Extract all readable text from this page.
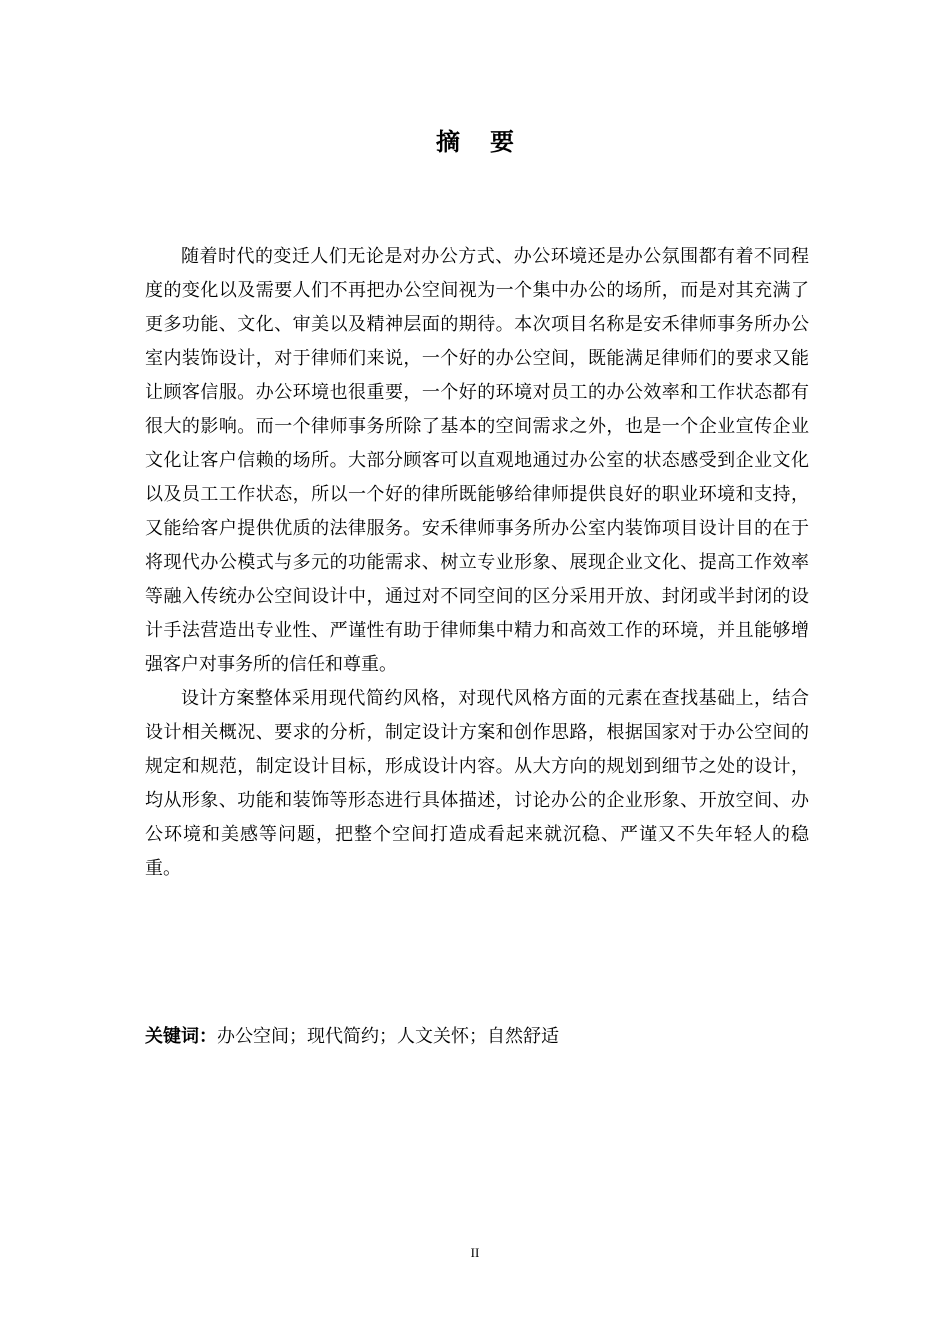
摘要

随着时代的变迁人们无论是对办公方式、办公环境还是办公氛围都有着不同程度的变化以及需要人们不再把办公空间视为一个集中办公的场所，而是对其充满了更多功能、文化、审美以及精神层面的期待。本次项目名称是安禾律师事务所办公室内装饰设计，对于律师们来说，一个好的办公空间，既能满足律师们的要求又能让顾客信服。办公环境也很重要，一个好的环境对员工的办公效率和工作状态都有很大的影响。而一个律师事务所除了基本的空间需求之外，也是一个企业宣传企业文化让客户信赖的场所。大部分顾客可以直观地通过办公室的状态感受到企业文化以及员工工作状态，所以一个好的律所既能够给律师提供良好的职业环境和支持，又能给客户提供优质的法律服务。安禾律师事务所办公室内装饰项目设计目的在于将现代办公模式与多元的功能需求、树立专业形象、展现企业文化、提高工作效率等融入传统办公空间设计中，通过对不同空间的区分采用开放、封闭或半封闭的设计手法营造出专业性、严谨性有助于律师集中精力和高效工作的环境，并且能够增强客户对事务所的信任和尊重。

设计方案整体采用现代简约风格，对现代风格方面的元素在查找基础上，结合设计相关概况、要求的分析，制定设计方案和创作思路，根据国家对于办公空间的规定和规范，制定设计目标，形成设计内容。从大方向的规划到细节之处的设计，均从形象、功能和装饰等形态进行具体描述，讨论办公的企业形象、开放空间、办公环境和美感等问题，把整个空间打造成看起来就沉稳、严谨又不失年轻人的稳重。

关键词：办公空间；现代简约；人文关怀；自然舒适
II
